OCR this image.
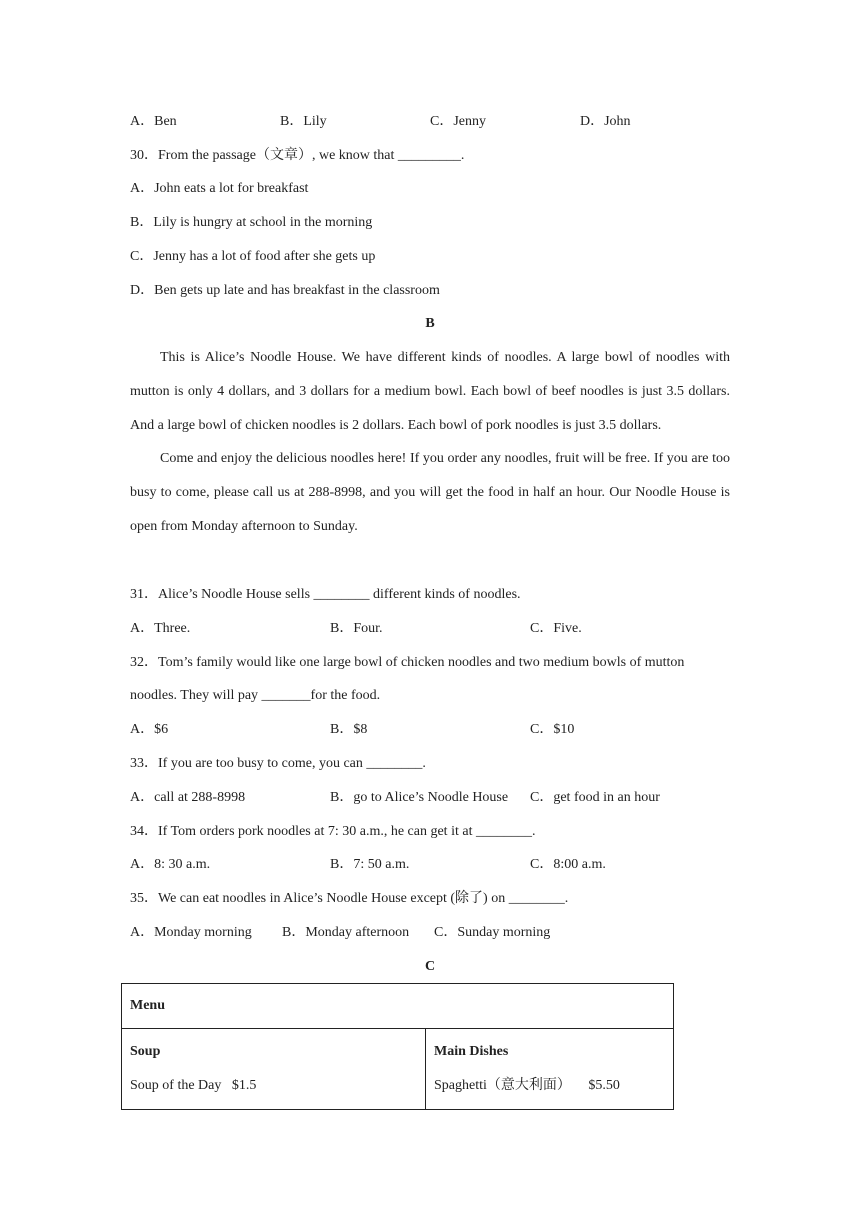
A．Ben	B．Lily	C．Jenny	D．John
30．From the passage（文章）, we know that _________.
A．John eats a lot for breakfast
B．Lily is hungry at school in the morning
C．Jenny has a lot of food after she gets up
D．Ben gets up late and has breakfast in the classroom
B

This is Alice’s Noodle House. We have different kinds of noodles. A large bowl of noodles with mutton is only 4 dollars, and 3 dollars for a medium bowl. Each bowl of beef noodles is just 3.5 dollars. And a large bowl of chicken noodles is 2 dollars. Each bowl of pork noodles is just 3.5 dollars.

Come and enjoy the delicious noodles here! If you order any noodles, fruit will be free. If you are too busy to come, please call us at 288-8998, and you will get the food in half an hour. Our Noodle House is open from Monday afternoon to Sunday.

31．Alice’s Noodle House sells ________ different kinds of noodles.
A．Three.	B．Four.	C．Five.
32．Tom’s family would like one large bowl of chicken noodles and two medium bowls of mutton
noodles. They will pay _______for the food.
A．$6	B．$8	C．$10
33．If you are too busy to come, you can ________.
A．call at 288-8998	B．go to Alice’s Noodle House C．get food in an hour
34．If Tom orders pork noodles at 7: 30 a.m., he can get it at ________.
A．8: 30 a.m.	B．7: 50 a.m.	C．8:00 a.m.
35．We can eat noodles in Alice’s Noodle House except (除了) on ________.
A．Monday morning B．Monday afternoon C．Sunday morning
C
Menu

Soup
Soup of the Day $1.5

Main Dishes
Spaghetti（意大利面） $5.50
